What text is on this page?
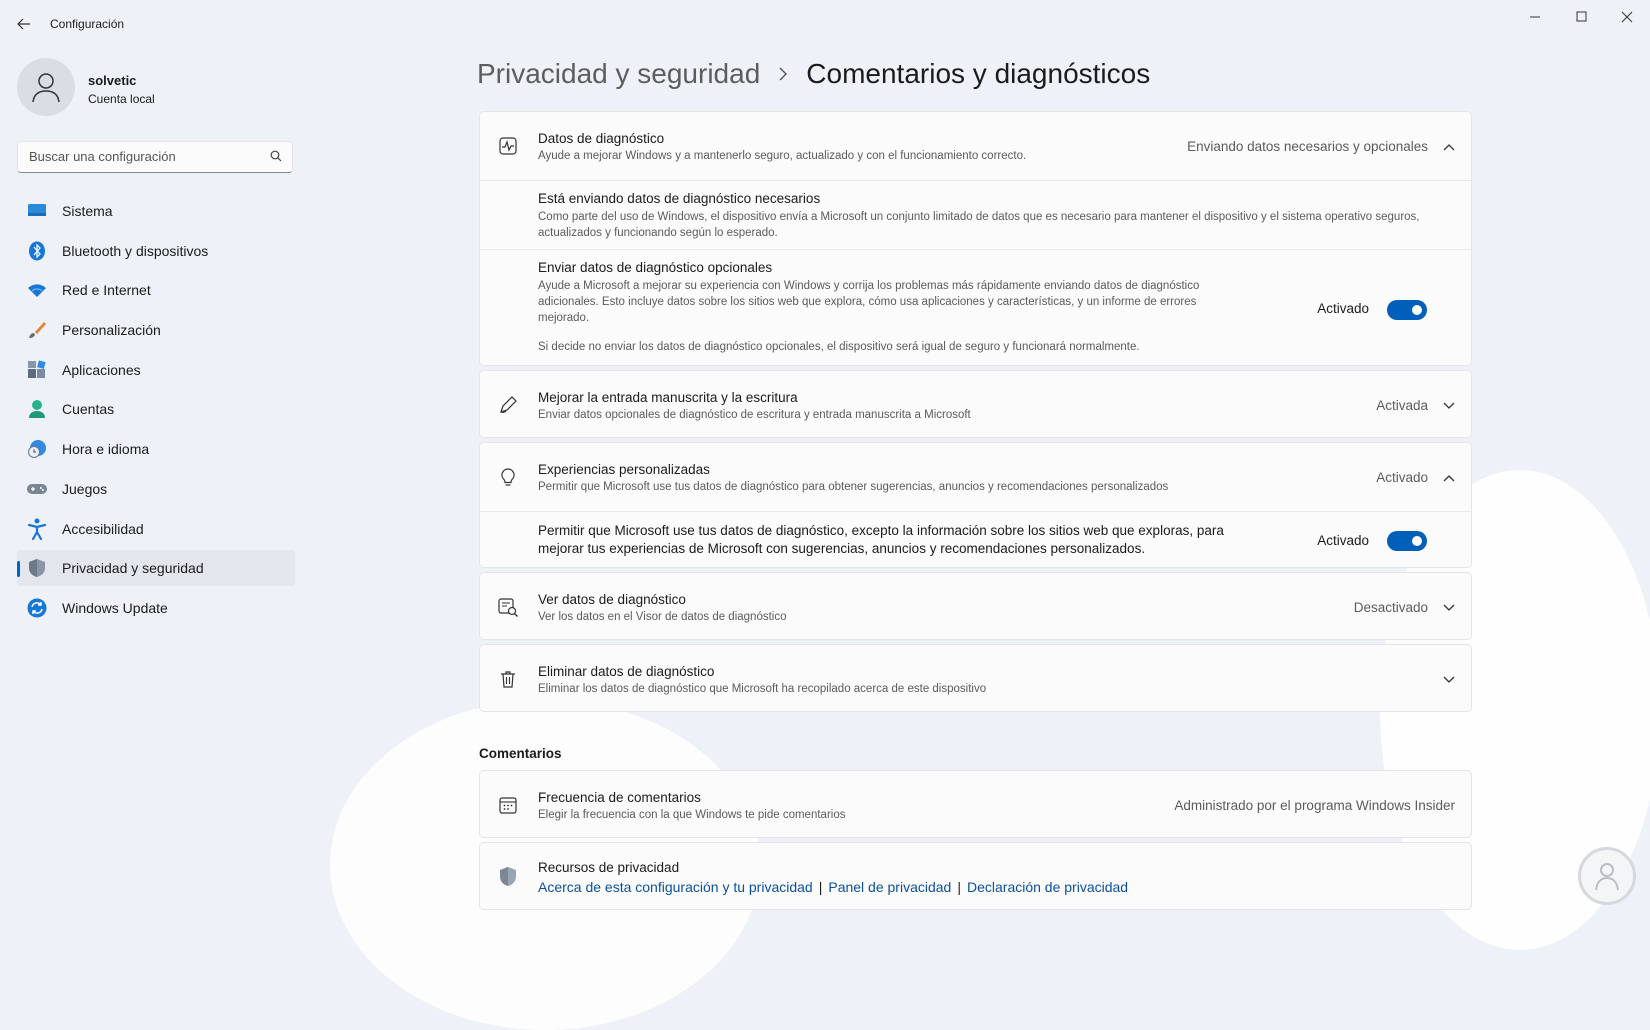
Configuración
solvetic
Cuenta local
Buscar una configuración
Sistema
Bluetooth y dispositivos
Red e Internet
Personalización
Aplicaciones
Cuentas
Hora e idioma
Juegos
Accesibilidad
Privacidad y seguridad
Windows Update
Privacidad y seguridad Comentarios y diagnósticos
Datos de diagnóstico
Ayude a mejorar Windows y a mantenerlo seguro, actualizado y con el funcionamiento correcto.
Enviando datos necesarios y opcionales
Está enviando datos de diagnóstico necesarios
Como parte del uso de Windows, el dispositivo envía a Microsoft un conjunto limitado de datos que es necesario para mantener el dispositivo y el sistema operativo seguros, actualizados y funcionando según lo esperado.
Enviar datos de diagnóstico opcionales
Ayude a Microsoft a mejorar su experiencia con Windows y corrija los problemas más rápidamente enviando datos de diagnóstico adicionales. Esto incluye datos sobre los sitios web que explora, cómo usa aplicaciones y características, y un informe de errores mejorado.
Si decide no enviar los datos de diagnóstico opcionales, el dispositivo será igual de seguro y funcionará normalmente.
Activado
Mejorar la entrada manuscrita y la escritura
Enviar datos opcionales de diagnóstico de escritura y entrada manuscrita a Microsoft
Activada
Experiencias personalizadas
Permitir que Microsoft use tus datos de diagnóstico para obtener sugerencias, anuncios y recomendaciones personalizados
Activado
Permitir que Microsoft use tus datos de diagnóstico, excepto la información sobre los sitios web que exploras, para mejorar tus experiencias de Microsoft con sugerencias, anuncios y recomendaciones personalizados.
Activado
Ver datos de diagnóstico
Ver los datos en el Visor de datos de diagnóstico
Desactivado
Eliminar datos de diagnóstico
Eliminar los datos de diagnóstico que Microsoft ha recopilado acerca de este dispositivo
Comentarios
Frecuencia de comentarios
Elegir la frecuencia con la que Windows te pide comentarios
Administrado por el programa Windows Insider
Recursos de privacidad
Acerca de esta configuración y tu privacidad | Panel de privacidad | Declaración de privacidad
